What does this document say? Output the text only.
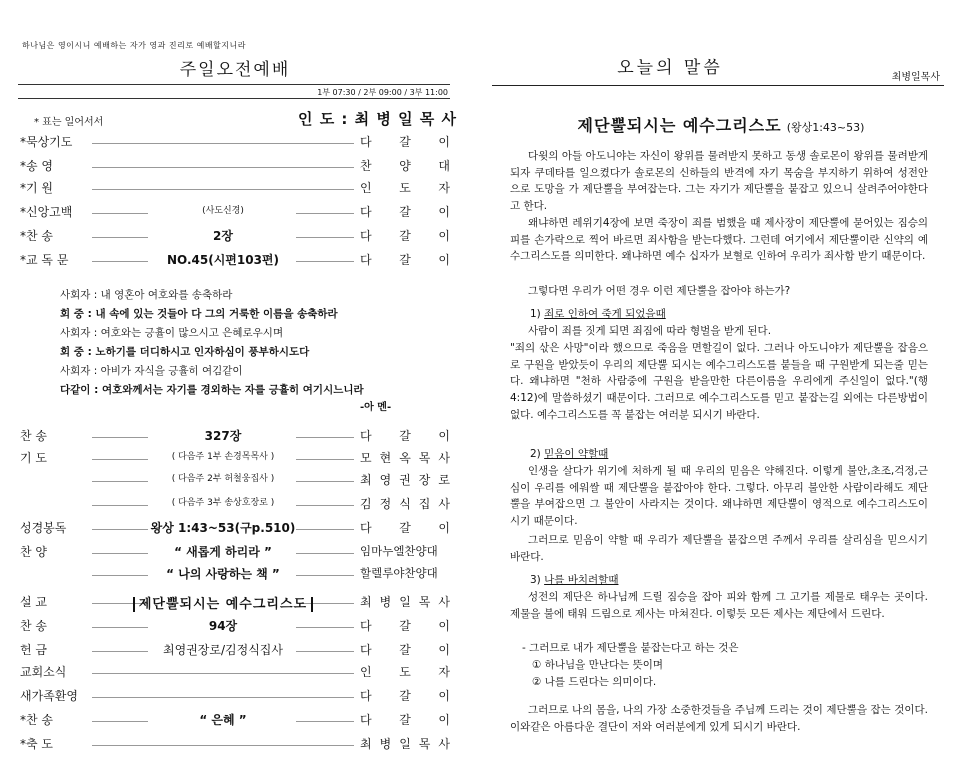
하나님은 영이시니 예배하는 자가 영과 진리로 예배할지니라
주일오전예배
1부 07:30 / 2부 09:00 / 3부 11:00
* 표는 일어서서	인 도 : 최 병 일 목 사
*묵상기도	다 갈 이
*송 영	찬 양 대
*기 원	인 도 자
*신앙고백	(사도신경)	다 갈 이
*찬 송	2장	다 갈 이
*교 독 문	NO.45(시편103편)	다 갈 이
사회자 : 내 영혼아 여호와를 송축하라
회 중 : 내 속에 있는 것들아 다 그의 거룩한 이름을 송축하라
사회자 : 여호와는 긍휼이 많으시고 은혜로우시며
회 중 : 노하기를 더디하시고 인자하심이 풍부하시도다
사회자 : 아비가 자식을 긍휼히 여김같이
다같이 : 여호와께서는 자기를 경외하는 자를 긍휼히 여기시느니라
-아 멘-
찬 송	327장	다 갈 이
기 도	( 다음주 1부 손경목목사 )	모 현 옥 목 사
( 다음주 2부 허철웅집사 )	최 영 권 장 로
( 다음주 3부 송상호장로 )	김 정 식 집 사
성경봉독	왕상 1:43~53(구p.510)	다 갈 이
찬 양	“ 새롭게 하리라 ”	임마누엘찬양대
“ 나의 사랑하는 책 ”	할렐루야찬양대
설 교	제단뿔되시는 예수그리스도	최 병 일 목 사
찬 송	94장	다 갈 이
헌 금	최영권장로/김정식집사	다 갈 이
교회소식	인 도 자
새가족환영	다 갈 이
*찬 송	“ 은혜 ”	다 갈 이
*축 도	최 병 일 목 사
오늘의 말씀	최병일목사
제단뿔되시는 예수그리스도 (왕상1:43~53)
다윗의 아들 아도니야는 자신이 왕위를 물려받지 못하고 동생 솔로몬이 왕위를 물려받게되자 쿠데타를 일으켰다가 솔로몬의 신하들의 반격에 자기 목숨을 부지하기 위하여 성전안으로 도망을 가 제단뿔을 부여잡는다. 그는 자기가 제단뿔을 붙잡고 있으니 살려주어야한다고 한다.
왜냐하면 레위기4장에 보면 죽장이 죄를 범했을 때 제사장이 제단뿔에 묻어있는 짐승의 피를 손가락으로 찍어 바르면 죄사함을 받는다했다. 그런데 여기에서 제단뿔이란 신약의 예수그리스도를 의미한다. 왜냐하면 예수 십자가 보혈로 인하여 우리가 죄사함 받기 때문이다.
그렇다면 우리가 어떤 경우 이런 제단뿔을 잡아야 하는가?
1) 죄로 인하여 죽게 되었을때
사람이 죄를 짓게 되면 죄짐에 따라 형벌을 받게 된다.
"죄의 삯은 사망"이라 했으므로 죽음을 면할길이 없다. 그러나 아도니야가 제단뿔을 잡음으로 구원을 받았듯이 우리의 제단뿔 되시는 예수그리스도를 붙들을 때 구원받게 되는줄 믿는다. 왜냐하면 "천하 사람중에 구원을 받을만한 다른이름을 우리에게 주신일이 없다."(행4:12)에 말씀하셨기 때문이다. 그러므로 예수그리스도를 믿고 붙잡는길 외에는 다른방법이 없다. 예수그리스도를 꼭 붙잡는 여러분 되시기 바란다.
2) 믿음이 약할때
인생을 살다가 위기에 처하게 될 때 우리의 믿음은 약해진다. 이렇게 불안,초조,걱정,근심이 우리를 에워쌀 때 제단뿔을 붙잡아야 한다. 그렇다. 아무리 불안한 사람이라해도 제단뿔을 부여잡으면 그 불안이 사라지는 것이다. 왜냐하면 제단뿔이 영적으로 예수그리스도이시기 때문이다.
그러므로 믿음이 약할 때 우리가 제단뿔을 붙잡으면 주께서 우리를 살리심을 믿으시기 바란다.
3) 나를 바치려할때
성전의 제단은 하나님께 드릴 짐승을 잡아 피와 함께 그 고기를 제물로 태우는 곳이다. 제물을 불에 태워 드림으로 제사는 마쳐진다. 이렇듯 모든 제사는 제단에서 드린다.
- 그러므로 내가 제단뿔을 붙잡는다고 하는 것은
① 하나님을 만난다는 뜻이며
② 나를 드린다는 의미이다.
그러므로 나의 몸을, 나의 가장 소중한것들을 주님께 드리는 것이 제단뿔을 잡는 것이다. 이와같은 아름다운 결단이 저와 여러분에게 있게 되시기 바란다.
